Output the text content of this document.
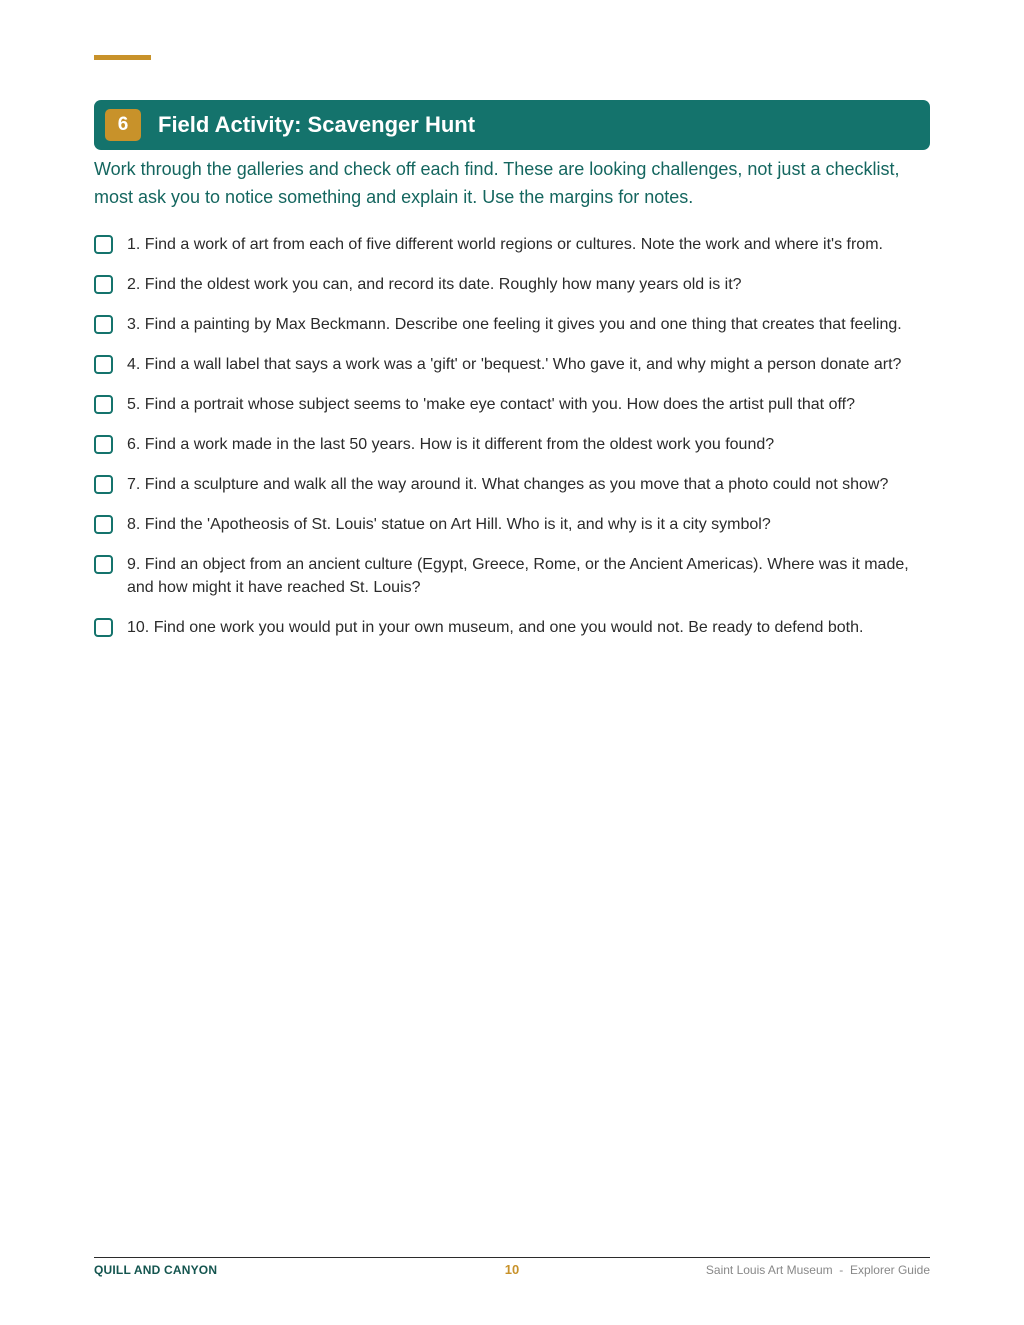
6	Field Activity: Scavenger Hunt
Work through the galleries and check off each find. These are looking challenges, not just a checklist, most ask you to notice something and explain it. Use the margins for notes.
1. Find a work of art from each of five different world regions or cultures. Note the work and where it's from.
2. Find the oldest work you can, and record its date. Roughly how many years old is it?
3. Find a painting by Max Beckmann. Describe one feeling it gives you and one thing that creates that feeling.
4. Find a wall label that says a work was a 'gift' or 'bequest.' Who gave it, and why might a person donate art?
5. Find a portrait whose subject seems to 'make eye contact' with you. How does the artist pull that off?
6. Find a work made in the last 50 years. How is it different from the oldest work you found?
7. Find a sculpture and walk all the way around it. What changes as you move that a photo could not show?
8. Find the 'Apotheosis of St. Louis' statue on Art Hill. Who is it, and why is it a city symbol?
9. Find an object from an ancient culture (Egypt, Greece, Rome, or the Ancient Americas). Where was it made, and how might it have reached St. Louis?
10. Find one work you would put in your own museum, and one you would not. Be ready to defend both.
QUILL AND CANYON	10	Saint Louis Art Museum  -  Explorer Guide
